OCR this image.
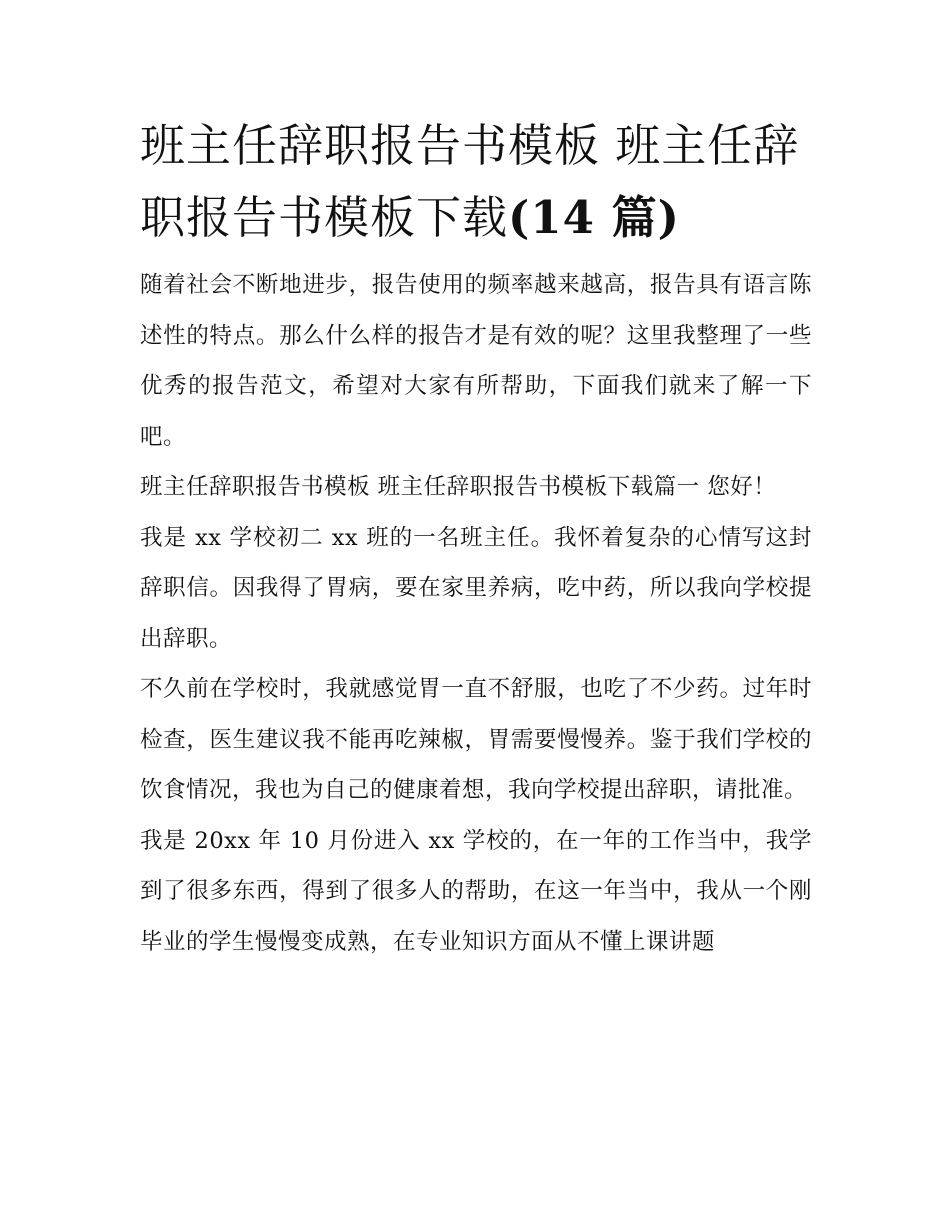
班主任辞职报告书模板 班主任辞职报告书模板下载(14 篇)

随着社会不断地进步，报告使用的频率越来越高，报告具有语言陈述性的特点。那么什么样的报告才是有效的呢？这里我整理了一些优秀的报告范文，希望对大家有所帮助，下面我们就来了解一下吧。

班主任辞职报告书模板 班主任辞职报告书模板下载篇一 您好！

我是 xx 学校初二 xx 班的一名班主任。我怀着复杂的心情写这封辞职信。因我得了胃病，要在家里养病，吃中药，所以我向学校提出辞职。

不久前在学校时，我就感觉胃一直不舒服，也吃了不少药。过年时检查，医生建议我不能再吃辣椒，胃需要慢慢养。鉴于我们学校的饮食情况，我也为自己的健康着想，我向学校提出辞职，请批准。

我是 20xx 年 10 月份进入 xx 学校的，在一年的工作当中，我学到了很多东西，得到了很多人的帮助，在这一年当中，我从一个刚毕业的学生慢慢变成熟，在专业知识方面从不懂上课讲题
